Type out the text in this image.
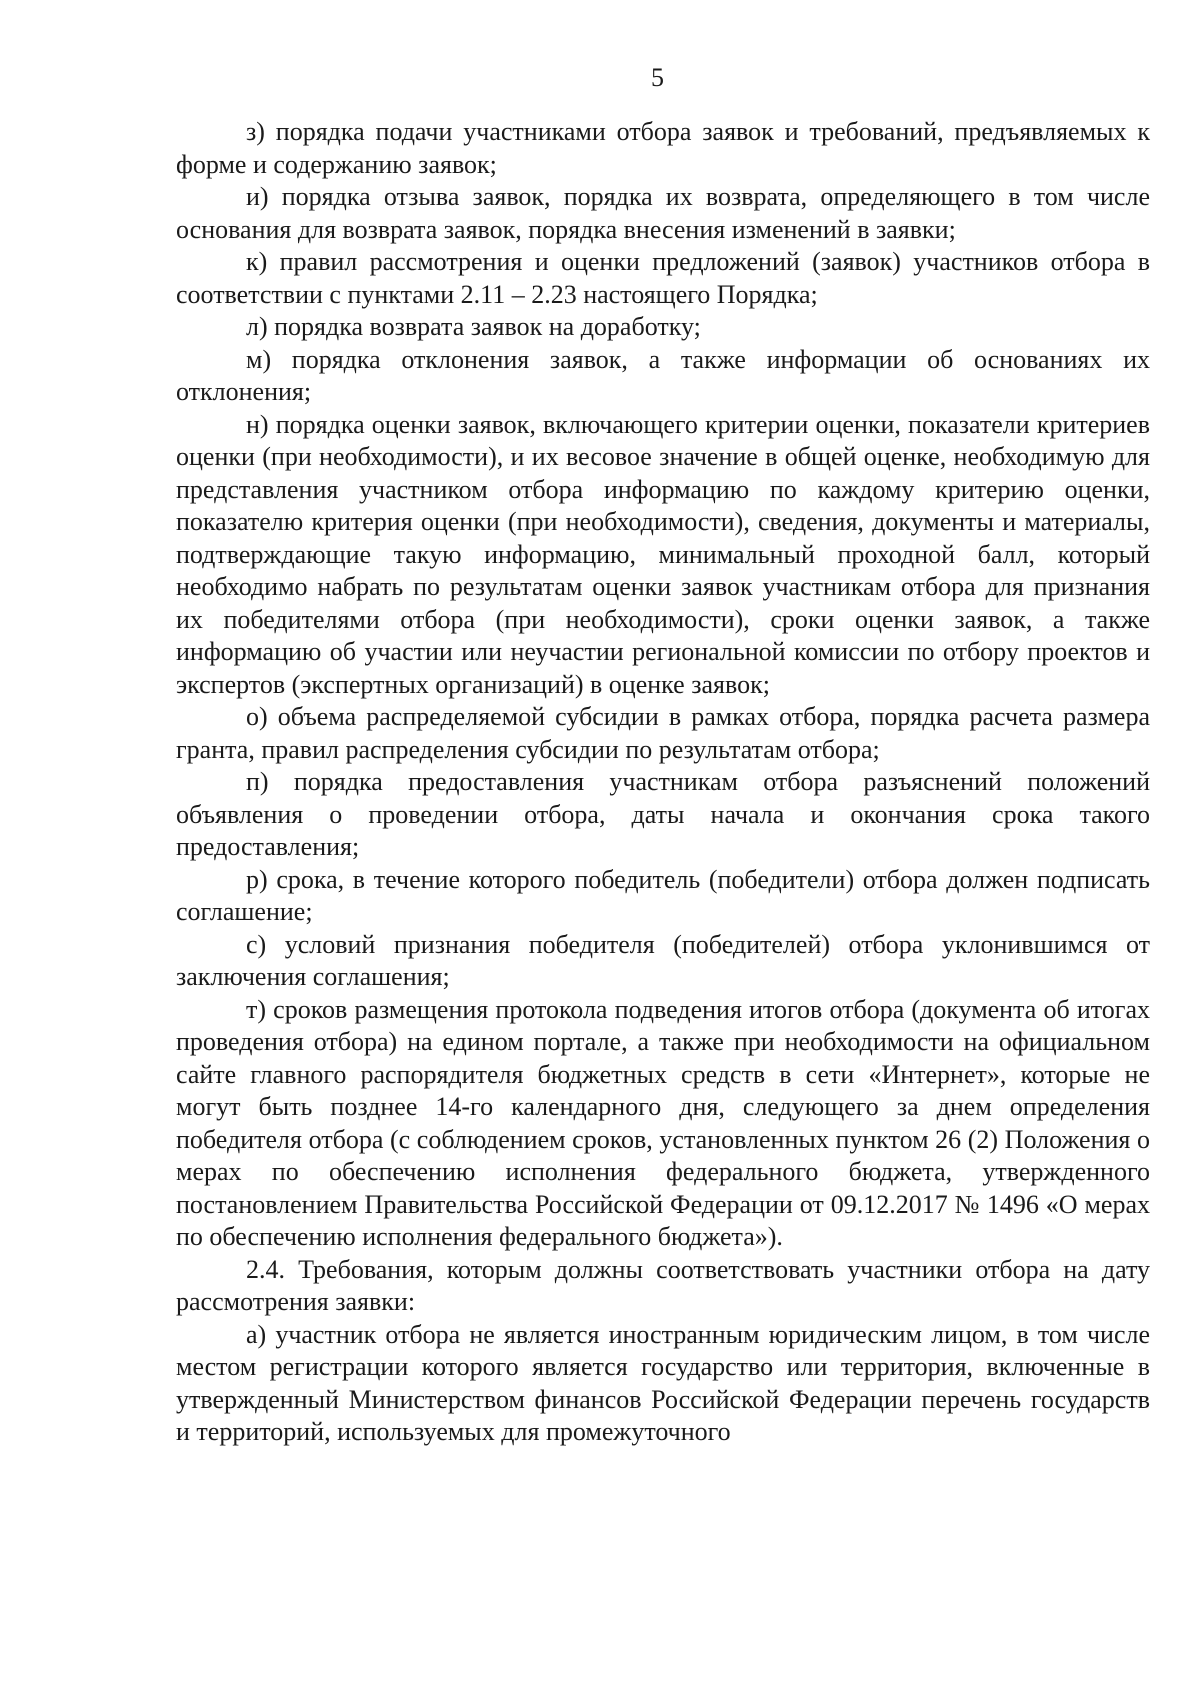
5

з) порядка подачи участниками отбора заявок и требований, предъявляемых к форме и содержанию заявок;

и) порядка отзыва заявок, порядка их возврата, определяющего в том числе основания для возврата заявок, порядка внесения изменений в заявки;

к) правил рассмотрения и оценки предложений (заявок) участников отбора в соответствии с пунктами 2.11 – 2.23 настоящего Порядка;

л) порядка возврата заявок на доработку;

м) порядка отклонения заявок, а также информации об основаниях их отклонения;

н) порядка оценки заявок, включающего критерии оценки, показатели критериев оценки (при необходимости), и их весовое значение в общей оценке, необходимую для представления участником отбора информацию по каждому критерию оценки, показателю критерия оценки (при необходимости), сведения, документы и материалы, подтверждающие такую информацию, минимальный проходной балл, который необходимо набрать по результатам оценки заявок участникам отбора для признания их победителями отбора (при необходимости), сроки оценки заявок, а также информацию об участии или неучастии региональной комиссии по отбору проектов и экспертов (экспертных организаций) в оценке заявок;

о) объема распределяемой субсидии в рамках отбора, порядка расчета размера гранта, правил распределения субсидии по результатам отбора;

п) порядка предоставления участникам отбора разъяснений положений объявления о проведении отбора, даты начала и окончания срока такого предоставления;

р) срока, в течение которого победитель (победители) отбора должен подписать соглашение;

с) условий признания победителя (победителей) отбора уклонившимся от заключения соглашения;

т) сроков размещения протокола подведения итогов отбора (документа об итогах проведения отбора) на едином портале, а также при необходимости на официальном сайте главного распорядителя бюджетных средств в сети «Интернет», которые не могут быть позднее 14-го календарного дня, следующего за днем определения победителя отбора (с соблюдением сроков, установленных пунктом 26 (2) Положения о мерах по обеспечению исполнения федерального бюджета, утвержденного постановлением Правительства Российской Федерации от 09.12.2017 № 1496 «О мерах по обеспечению исполнения федерального бюджета»).

2.4. Требования, которым должны соответствовать участники отбора на дату рассмотрения заявки:

а) участник отбора не является иностранным юридическим лицом, в том числе местом регистрации которого является государство или территория, включенные в утвержденный Министерством финансов Российской Федерации перечень государств и территорий, используемых для промежуточного
